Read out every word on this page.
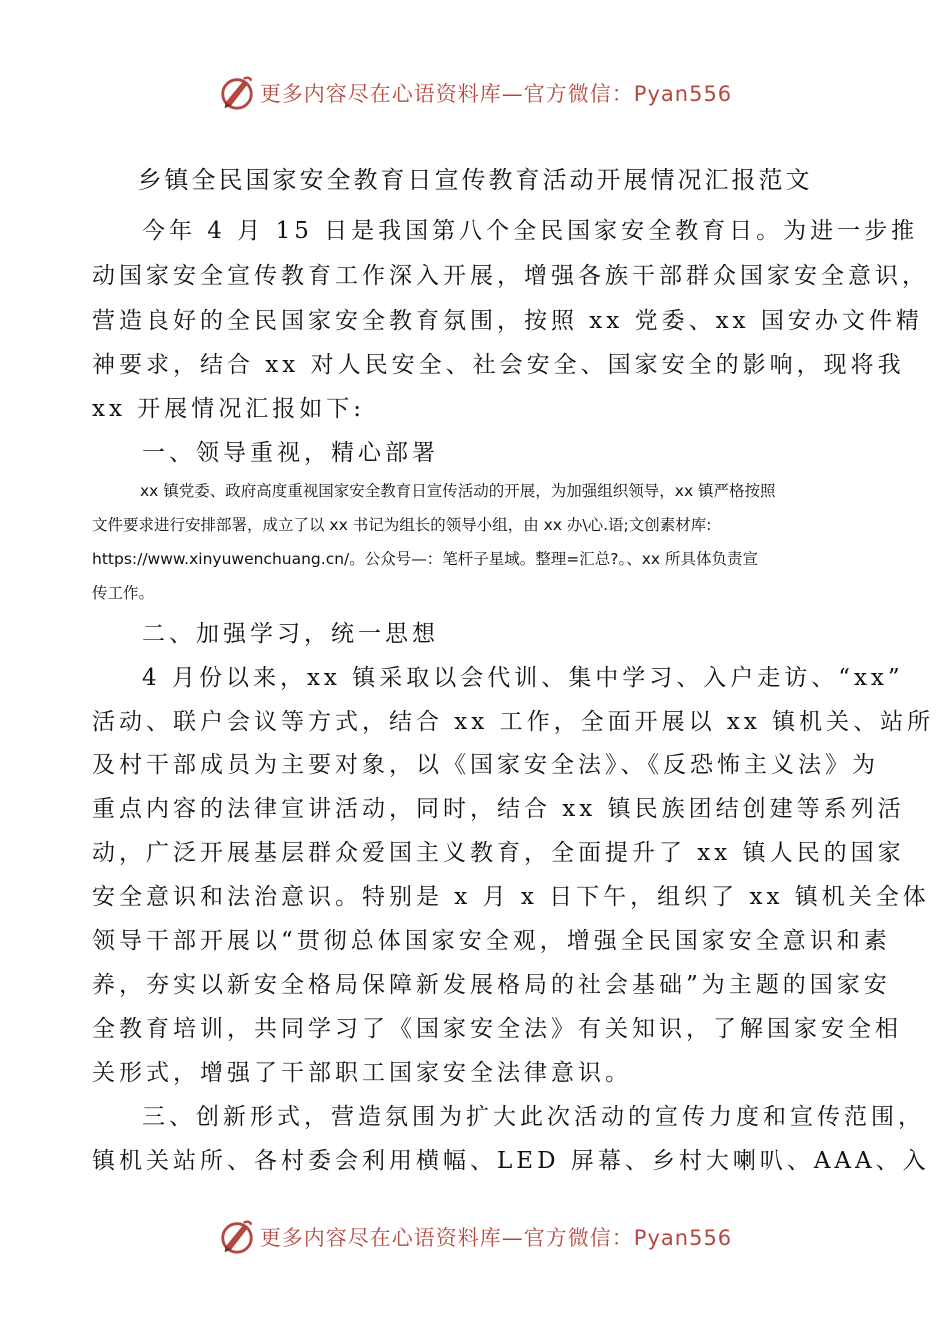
更多内容尽在心语资料库—官方微信：Pyan556
乡镇全民国家安全教育日宣传教育活动开展情况汇报范文
今年 4 月 15 日是我国第八个全民国家安全教育日。为进一步推
动国家安全宣传教育工作深入开展，增强各族干部群众国家安全意识，
营造良好的全民国家安全教育氛围，按照 xx 党委、xx 国安办文件精
神要求，结合 xx 对人民安全、社会安全、国家安全的影响，现将我
xx 开展情况汇报如下:
一、领导重视，精心部署
xx 镇党委、政府高度重视国家安全教育日宣传活动的开展，为加强组织领导，xx 镇严格按照
文件要求进行安排部署，成立了以 xx 书记为组长的领导小组，由 xx 办\心.语;文创素材库:
https://www.xinyuwenchuang.cn/。公众号—：笔杆子星域。整理=汇总?。、xx 所具体负责宣
传工作。
二、加强学习，统一思想
4 月份以来，xx 镇采取以会代训、集中学习、入户走访、“xx”
活动、联户会议等方式，结合 xx 工作，全面开展以 xx 镇机关、站所
及村干部成员为主要对象，以《国家安全法》、《反恐怖主义法》为
重点内容的法律宣讲活动，同时，结合 xx 镇民族团结创建等系列活
动，广泛开展基层群众爱国主义教育，全面提升了 xx 镇人民的国家
安全意识和法治意识。特别是 x 月 x 日下午，组织了 xx 镇机关全体
领导干部开展以“贯彻总体国家安全观，增强全民国家安全意识和素
养，夯实以新安全格局保障新发展格局的社会基础”为主题的国家安
全教育培训，共同学习了《国家安全法》有关知识，了解国家安全相
关形式，增强了干部职工国家安全法律意识。
三、创新形式，营造氛围为扩大此次活动的宣传力度和宣传范围，
镇机关站所、各村委会利用横幅、LED 屏幕、乡村大喇叭、AAA、入
更多内容尽在心语资料库—官方微信：Pyan556
